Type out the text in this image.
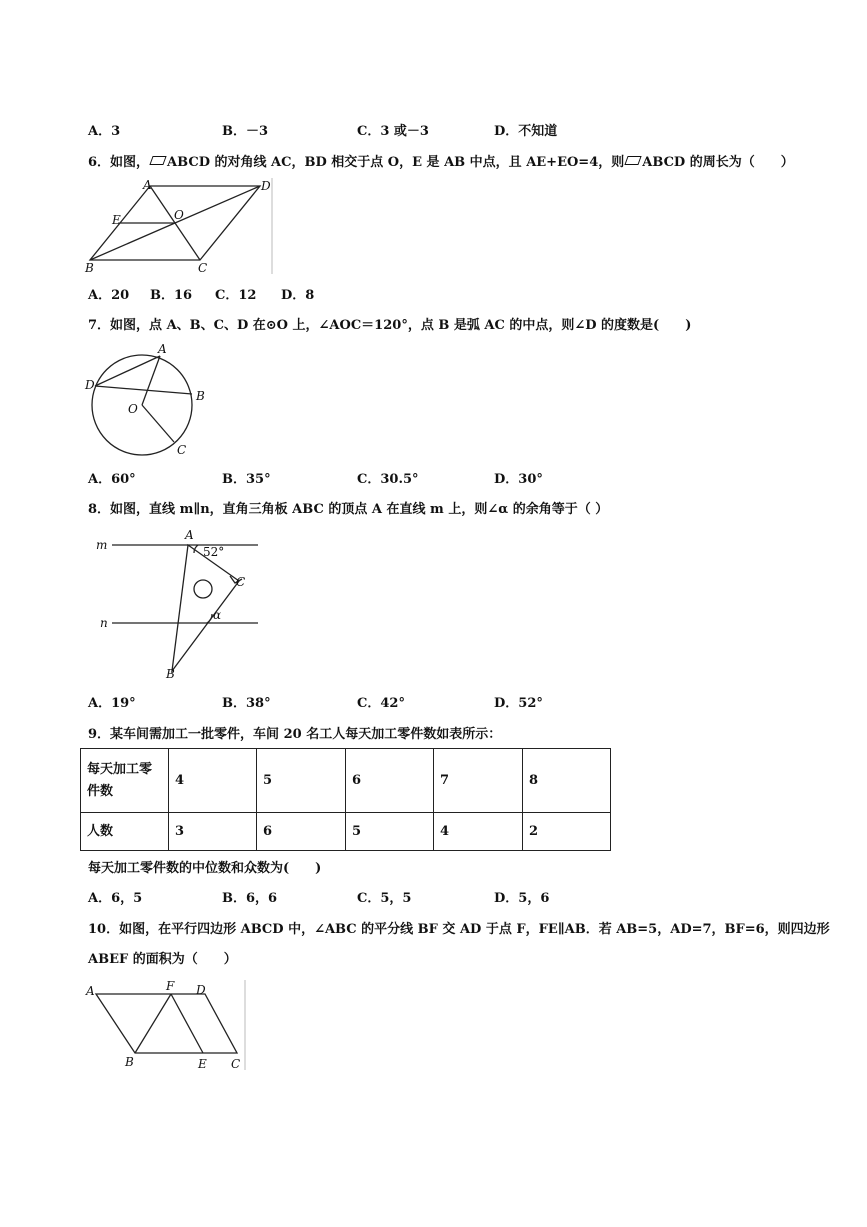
A．3	B．－3	C．3 或－3	D．不知道
6．如图， ABCD 的对角线 AC，BD 相交于点 O，E 是 AB 中点，且 AE+EO=4，则 ABCD 的周长为（　　）
A	D
E	O
B	C
A．20 B．16 C．12 D．8
7．如图，点 A、B、C、D 在⊙O 上，∠AOC＝120°，点 B 是弧 AC 的中点，则∠D 的度数是(　　)
A
D
B
O
C
A．60°	B．35°	C．30.5°	D．30°
8．如图，直线 m∥n，直角三角板 ABC 的顶点 A 在直线 m 上，则∠α 的余角等于（ ）
m
n
A
52°
C
α
B
A．19°	B．38°	C．42°	D．52°
9．某车间需加工一批零件，车间 20 名工人每天加工零件数如表所示：
每天加工零
件数	4	5	6	7	8
人数	3	6	5	4	2
每天加工零件数的中位数和众数为(　　)
A．6，5	B．6，6	C．5，5	D．5，6
10．如图，在平行四边形 ABCD 中，∠ABC 的平分线 BF 交 AD 于点 F，FE∥AB．若 AB=5，AD=7，BF=6，则四边形
ABEF 的面积为（　　）
A	F D
B	E C
